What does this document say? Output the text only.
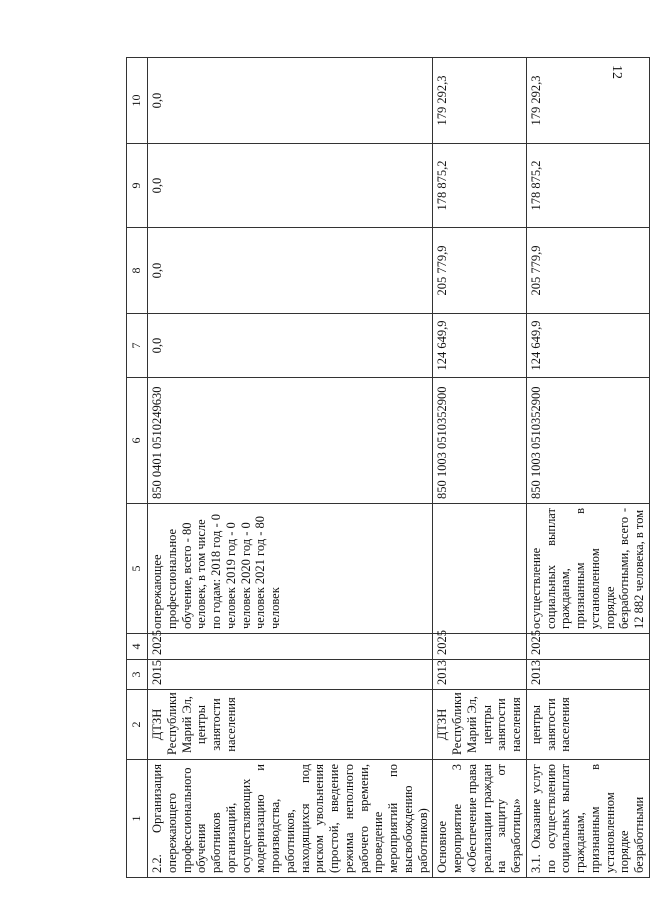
12
1	2	3	4	5	6	7	8	9	10
2.2. Организация опережающего профессионального обучения работников организаций, осуществляющих модернизацию и производства, работников, находящихся под риском увольнения (простой, введение режима неполного рабочего времени, проведение мероприятий по высвобождению работников)	ДТЗН Республики Марий Эл, центры занятости населения	2015	2025	опережающее профессиональное обучение, всего - 80 человек, в том числе по годам: 2018 год - 0 человек 2019 год - 0 человек 2020 год - 0 человек 2021 год - 80 человек	850 0401 0510249630	0,0	0,0	0,0	0,0
Основное мероприятие 3 «Обеспечение права реализации граждан на защиту от безработицы»	ДТЗН Республики Марий Эл, центры занятости населения	2013	2025		850 1003 0510352900	124 649,9	205 779,9	178 875,2	179 292,3
3.1. Оказание услуг по осуществлению социальных выплат гражданам, признанным в установленном порядке безработными	центры занятости населения	2013	2025	осуществление социальных выплат гражданам, признанным в установленном порядке безработными, всего - 12 882 человека, в том	850 1003 0510352900	124 649,9	205 779,9	178 875,2	179 292,3
